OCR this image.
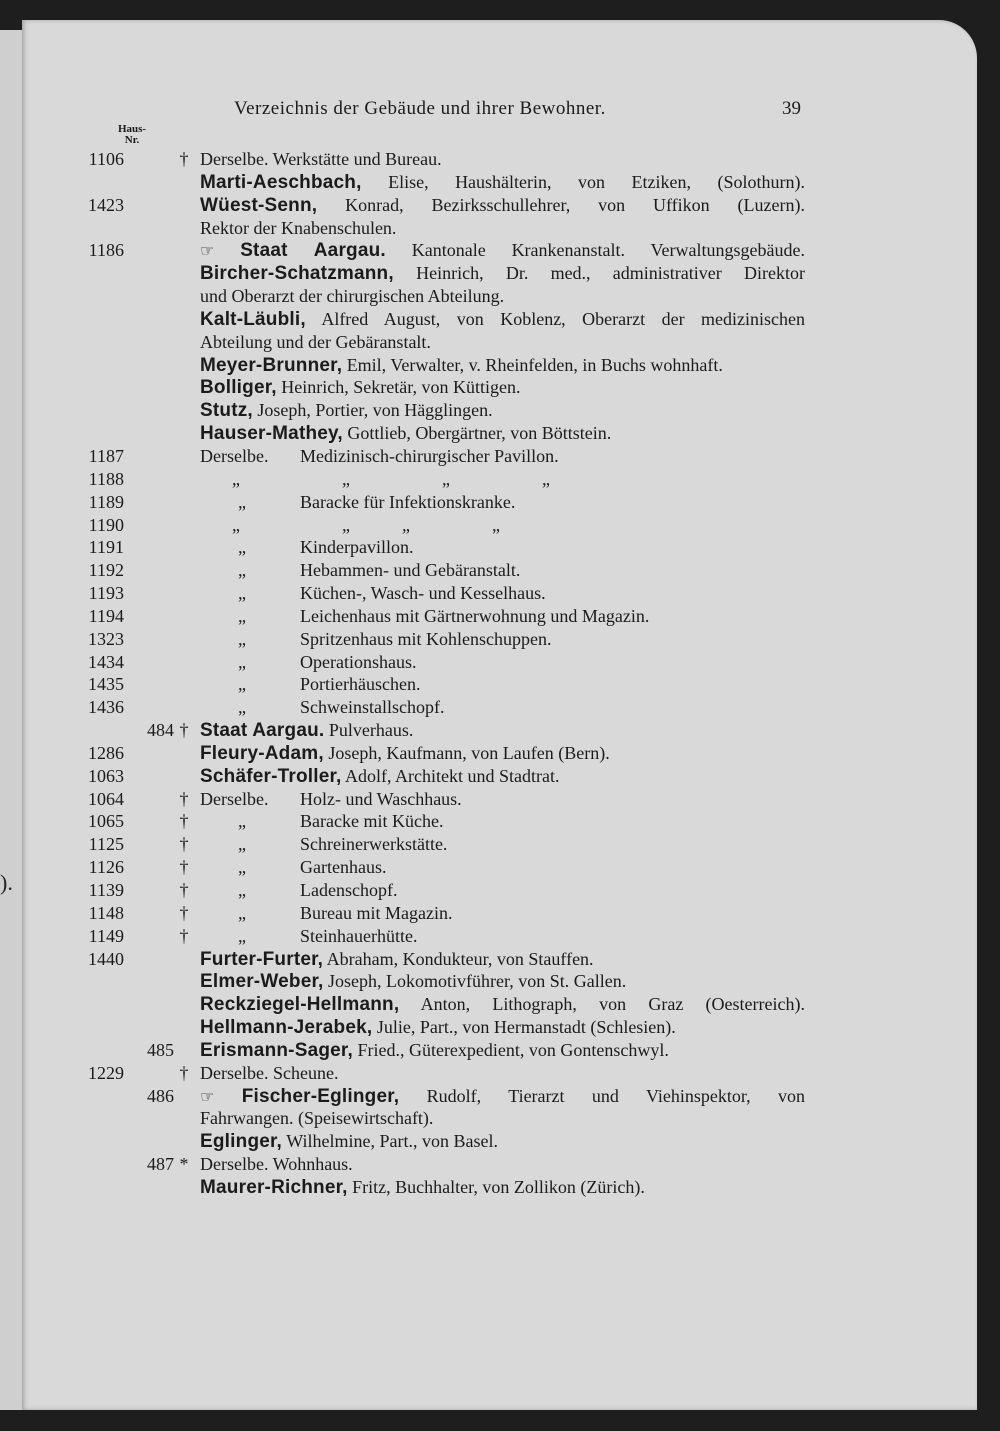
).
Verzeichnis der Gebäude und ihrer Bewohner.	39
Haus-
Nr.
1106	† Derselbe. Werkstätte und Bureau.
Marti-Aeschbach, Elise, Haushälterin, von Etziken, (Solothurn).
1423	Wüest-Senn, Konrad, Bezirksschullehrer, von Uffikon (Luzern).
Rektor der Knabenschulen.
1186	☞ Staat Aargau. Kantonale Krankenanstalt. Verwaltungsgebäude.
Bircher-Schatzmann, Heinrich, Dr. med., administrativer Direktor
und Oberarzt der chirurgischen Abteilung.
Kalt-Läubli, Alfred August, von Koblenz, Oberarzt der medizinischen
Abteilung und der Gebäranstalt.
Meyer-Brunner, Emil, Verwalter, v. Rheinfelden, in Buchs wohnhaft.
Bolliger, Heinrich, Sekretär, von Küttigen.
Stutz, Joseph, Portier, von Hägglingen.
Hauser-Mathey, Gottlieb, Obergärtner, von Böttstein.
1187	Derselbe. Medizinisch-chirurgischer Pavillon.
1188	„	„	„	„
1189	„	Baracke für Infektionskranke.
1190	„	„	„	„
1191	„	Kinderpavillon.
1192	„	Hebammen- und Gebäranstalt.
1193	„	Küchen-, Wasch- und Kesselhaus.
1194	„	Leichenhaus mit Gärtnerwohnung und Magazin.
1323	„	Spritzenhaus mit Kohlenschuppen.
1434	„	Operationshaus.
1435	„	Portierhäuschen.
1436	„	Schweinstallschopf.
484 † Staat Aargau. Pulverhaus.
1286	Fleury-Adam, Joseph, Kaufmann, von Laufen (Bern).
1063	Schäfer-Troller, Adolf, Architekt und Stadtrat.
1064	† Derselbe. Holz- und Waschhaus.
1065	†	„	Baracke mit Küche.
1125	†	„	Schreinerwerkstätte.
1126	†	„	Gartenhaus.
1139	†	„	Ladenschopf.
1148	†	„	Bureau mit Magazin.
1149	†	„	Steinhauerhütte.
1440	Furter-Furter, Abraham, Kondukteur, von Stauffen.
Elmer-Weber, Joseph, Lokomotivführer, von St. Gallen.
Reckziegel-Hellmann, Anton, Lithograph, von Graz (Oesterreich).
Hellmann-Jerabek, Julie, Part., von Hermanstadt (Schlesien).
485 Erismann-Sager, Fried., Güterexpedient, von Gontenschwyl.
1229	† Derselbe. Scheune.
486 ☞ Fischer-Eglinger, Rudolf, Tierarzt und Viehinspektor, von
Fahrwangen. (Speisewirtschaft).
Eglinger, Wilhelmine, Part., von Basel.
487 * Derselbe. Wohnhaus.
Maurer-Richner, Fritz, Buchhalter, von Zollikon (Zürich).
